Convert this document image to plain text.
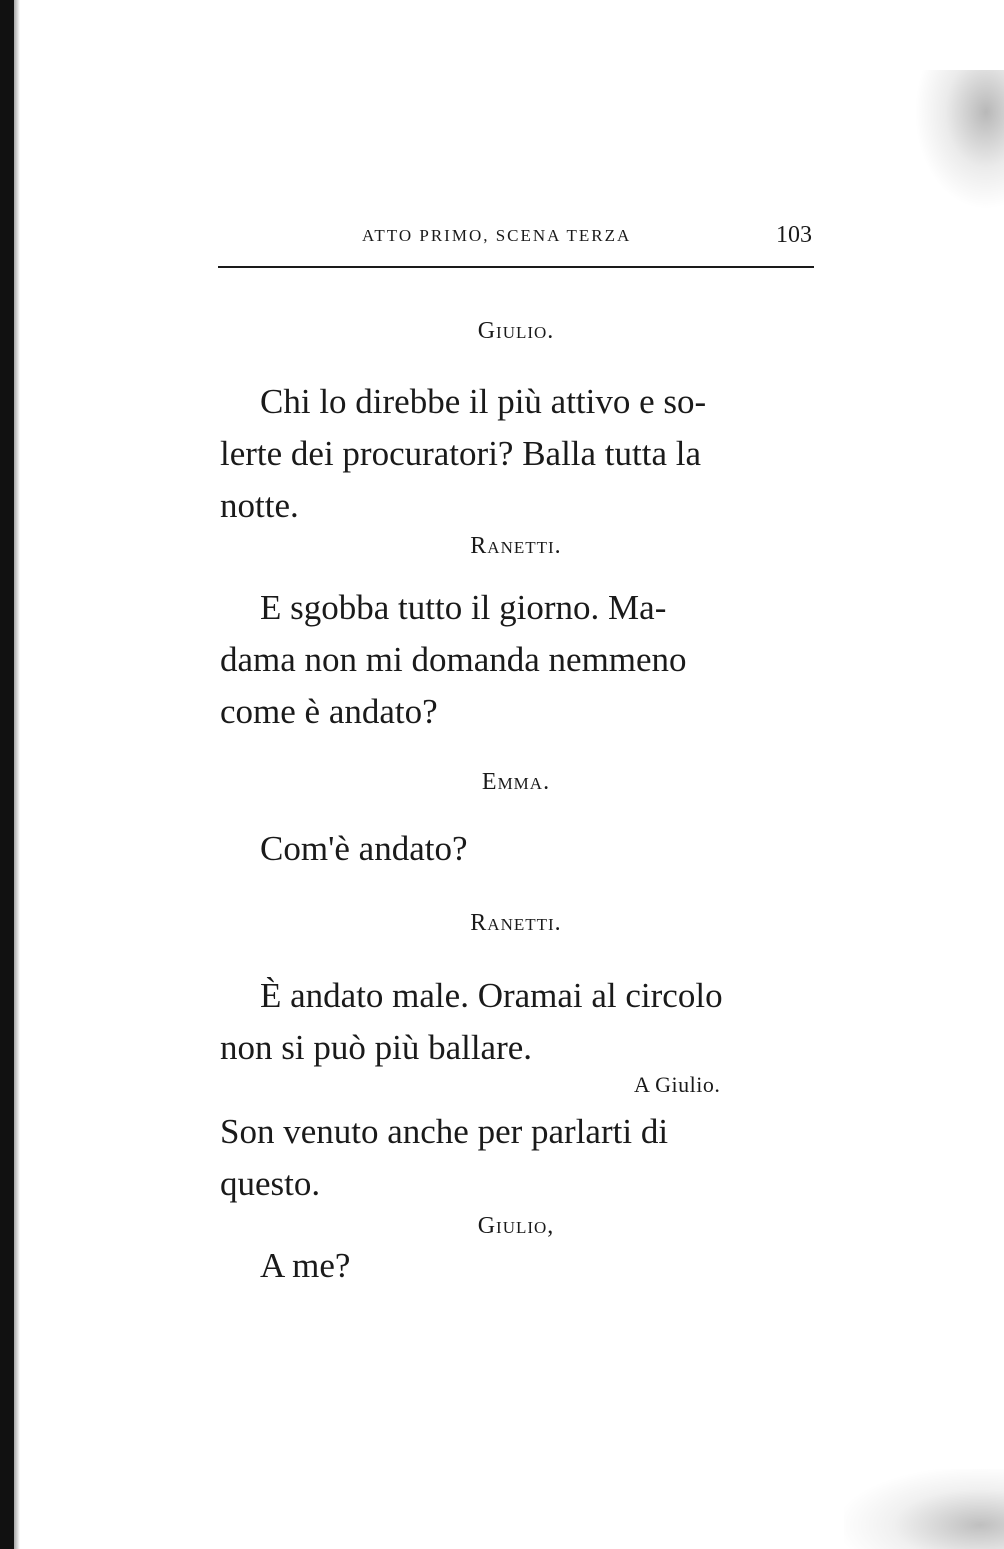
ATTO PRIMO, SCENA TERZA	103
Giulio.

Chi lo direbbe il più attivo e so-
lerte dei procuratori? Balla tutta la
notte.

Ranetti.

E sgobba tutto il giorno. Ma-
dama non mi domanda nemmeno
come è andato?

Emma.

Com'è andato?

Ranetti.

È andato male. Oramai al circolo
non si può più ballare.

A Giulio.

Son venuto anche per parlarti di
questo.

Giulio,

A me?
